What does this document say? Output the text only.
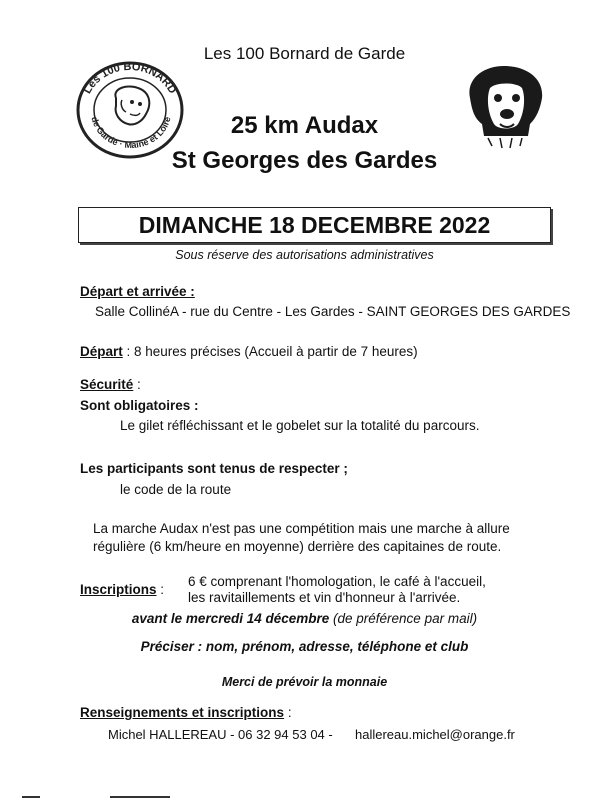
Les 100 Bornard de Garde
Les 100 BORNARD
de Garde · Maine et Loire	25 km Audax
St Georges des Gardes
DIMANCHE 18 DECEMBRE 2022
Sous réserve des autorisations administratives
Départ et arrivée :
Salle CollinéA - rue du Centre - Les Gardes - SAINT GEORGES DES GARDES
Départ : 8 heures précises (Accueil à partir de 7 heures)
Sécurité :
Sont obligatoires :
Le gilet réfléchissant et le gobelet sur la totalité du parcours.
Les participants sont tenus de respecter ;
le code de la route
La marche Audax n'est pas une compétition mais une marche à allure
régulière (6 km/heure en moyenne) derrière des capitaines de route.
Inscriptions :
6 € comprenant l'homologation, le café à l'accueil,
les ravitaillements et vin d'honneur à l'arrivée.
avant le mercredi 14 décembre (de préférence par mail)
Préciser : nom, prénom, adresse, téléphone et club
Merci de prévoir la monnaie
Renseignements et inscriptions :
Michel HALLEREAU - 06 32 94 53 04 - hallereau.michel@orange.fr
